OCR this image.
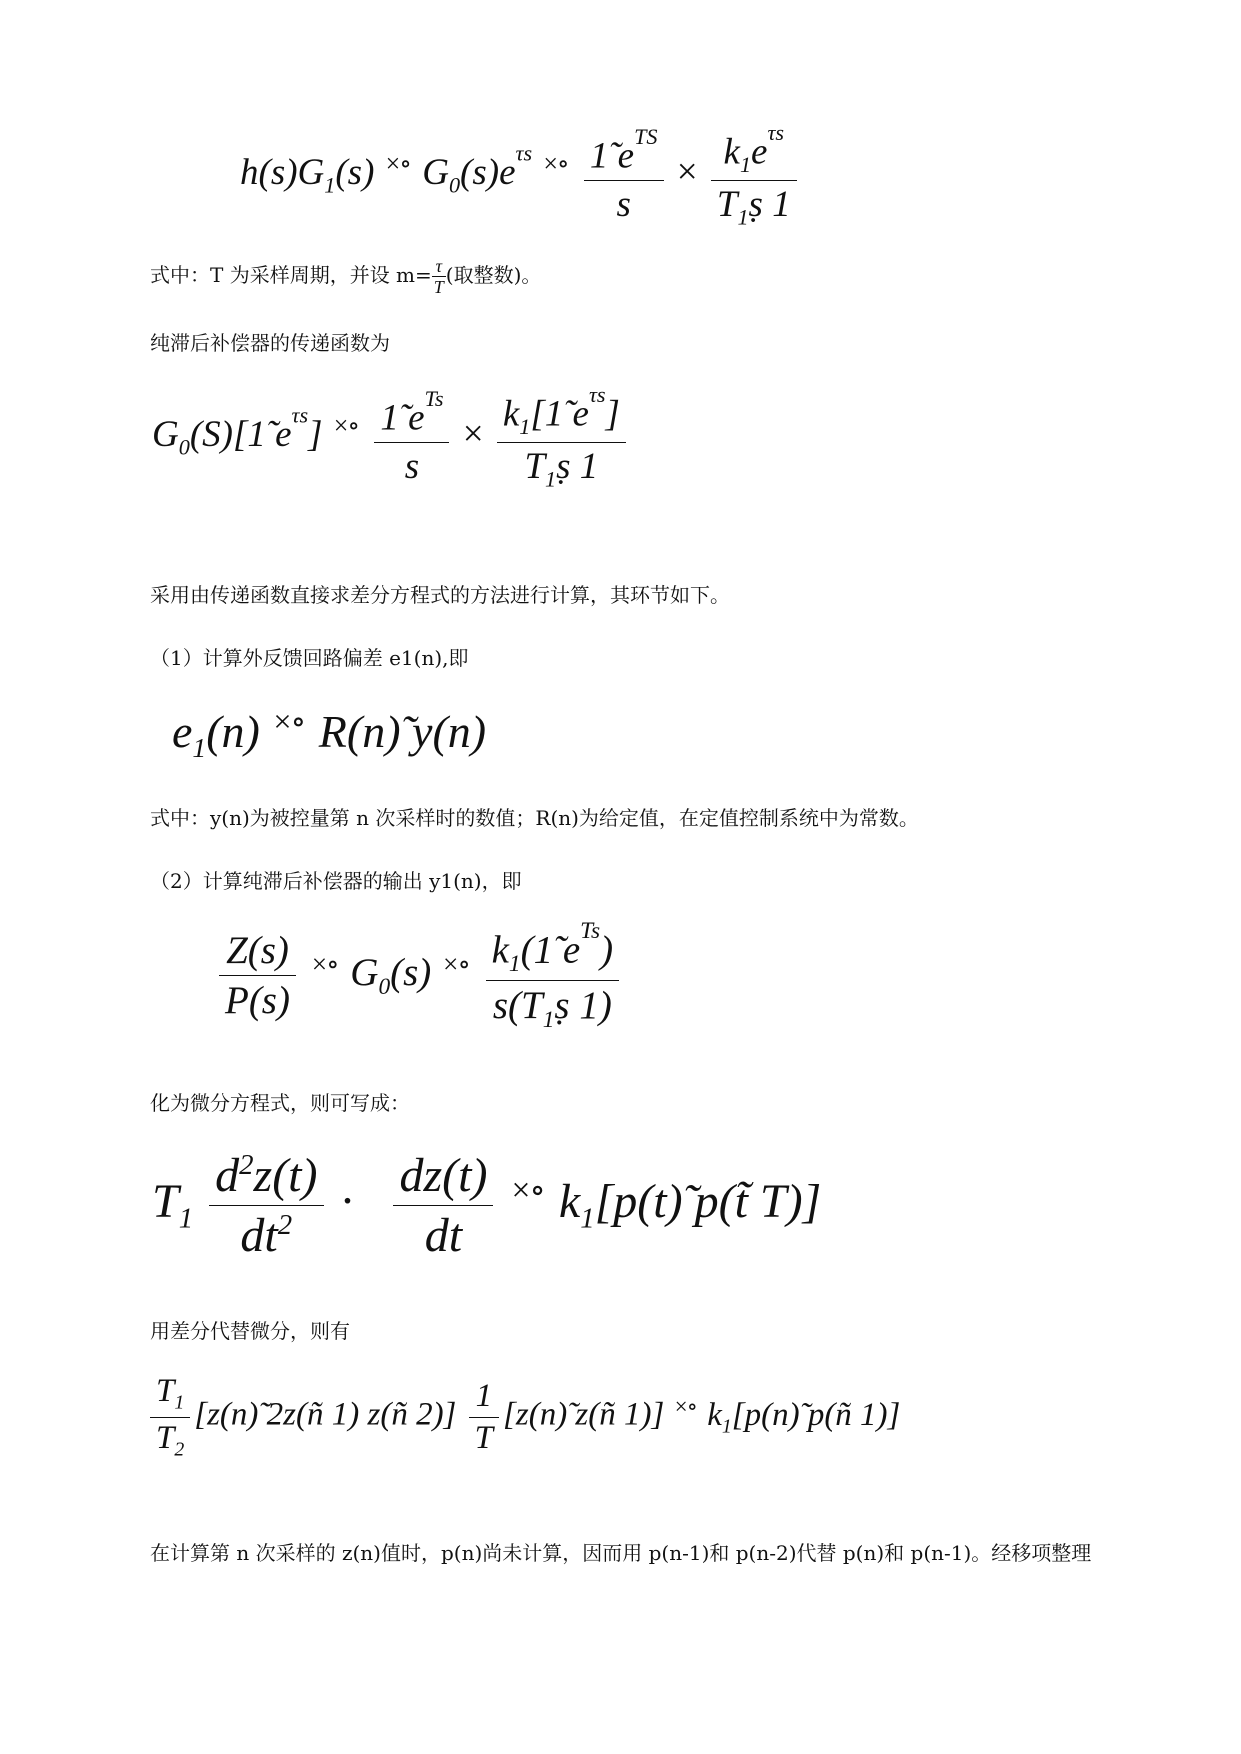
$h(s)G_1(s)$ ×∘ $G_0(s)e^{\tau s}$ $^{\times\circ} \frac{1̃ e^{TS}}{s} \times \frac{k_1e^{\tau s}}{T_1ṣ 1}$
式中：T 为采样周期，并设 $m= \frac{\tau}{T}$ (取整数)。
纯滞后补偿器的传递函数为
$G_0(S)[1̃$ $e^{\tau s}$] $^{\times\circ} \frac{1̃ e^{Ts}}{s} \times \frac{k_1[1̃ e^{\tau s}]}{T_1ṣ 1}$
采用由传递函数直接求差分方程式的方法进行计算，其环节如下。
（1）计算外反馈回路偏差 e1(n),即
$e_1(n)$ ×∘ R(n)̃ y(n)
式中：y(n)为被控量第 n 次采样时的数值；R(n)为给定值，在定值控制系统中为常数。
（2）计算纯滞后补偿器的输出 y1(n)，即
$\frac{Z(s)}{P(s)} ^{\times\circ}$ $G_0(s)$ $^{\times\circ} \frac{k_1(1̃ e^{Ts})}{s(T_1ṣ 1)}$
化为微分方程式，则可写成：
$T_1 \frac{d^2z(t)}{dt^2} \cdot \frac{dz(t)}{dt} ^{\times\circ}$ $k_1[p(t)̃$ p(t̃ T)]
用差分代替微分，则有
$\frac{T_1}{T_2}$ [z(n)̃ 2z(ñ 1) z(ñ $2)] \frac{1}{T}$ [z(n)̃ z(ñ 1)] ×∘ $k_1[p(n)̃$ p(ñ 1)]
在计算第 n 次采样的 z(n)值时，p(n)尚未计算，因而用 p(n-1)和 p(n-2)代替 p(n)和 p(n-1)。经移项整理
